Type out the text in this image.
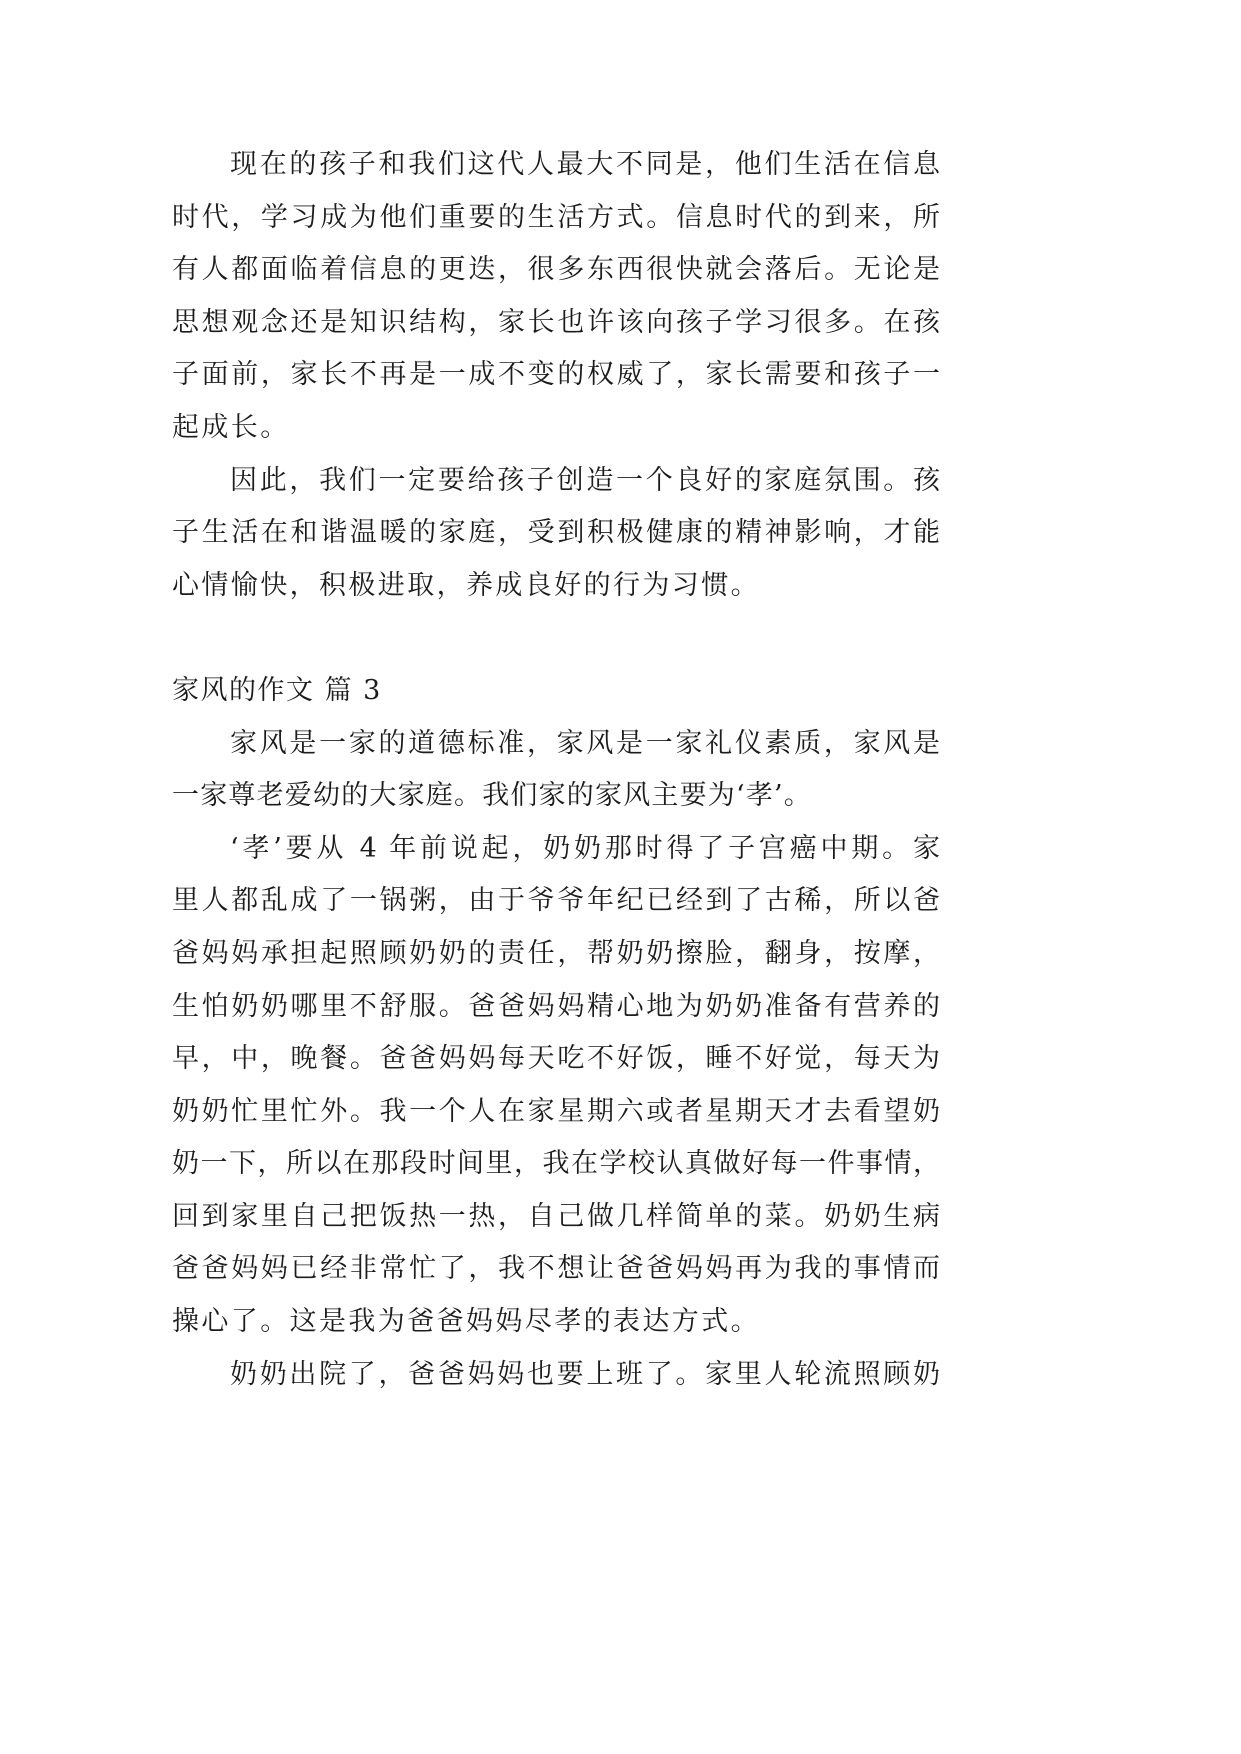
现在的孩子和我们这代人最大不同是，他们生活在信息
时代，学习成为他们重要的生活方式。信息时代的到来，所
有人都面临着信息的更迭，很多东西很快就会落后。无论是
思想观念还是知识结构，家长也许该向孩子学习很多。在孩
子面前，家长不再是一成不变的权威了，家长需要和孩子一
起成长。
因此，我们一定要给孩子创造一个良好的家庭氛围。孩
子生活在和谐温暖的家庭，受到积极健康的精神影响，才能
心情愉快，积极进取，养成良好的行为习惯。
家风的作文 篇 3
家风是一家的道德标准，家风是一家礼仪素质，家风是
一家尊老爱幼的大家庭。我们家的家风主要为‘孝’。
‘孝’要从 4 年前说起，奶奶那时得了子宫癌中期。家
里人都乱成了一锅粥，由于爷爷年纪已经到了古稀，所以爸
爸妈妈承担起照顾奶奶的责任，帮奶奶擦脸，翻身，按摩，
生怕奶奶哪里不舒服。爸爸妈妈精心地为奶奶准备有营养的
早，中，晚餐。爸爸妈妈每天吃不好饭，睡不好觉，每天为
奶奶忙里忙外。我一个人在家星期六或者星期天才去看望奶
奶一下，所以在那段时间里，我在学校认真做好每一件事情，
回到家里自己把饭热一热，自己做几样简单的菜。奶奶生病
爸爸妈妈已经非常忙了，我不想让爸爸妈妈再为我的事情而
操心了。这是我为爸爸妈妈尽孝的表达方式。
奶奶出院了，爸爸妈妈也要上班了。家里人轮流照顾奶
